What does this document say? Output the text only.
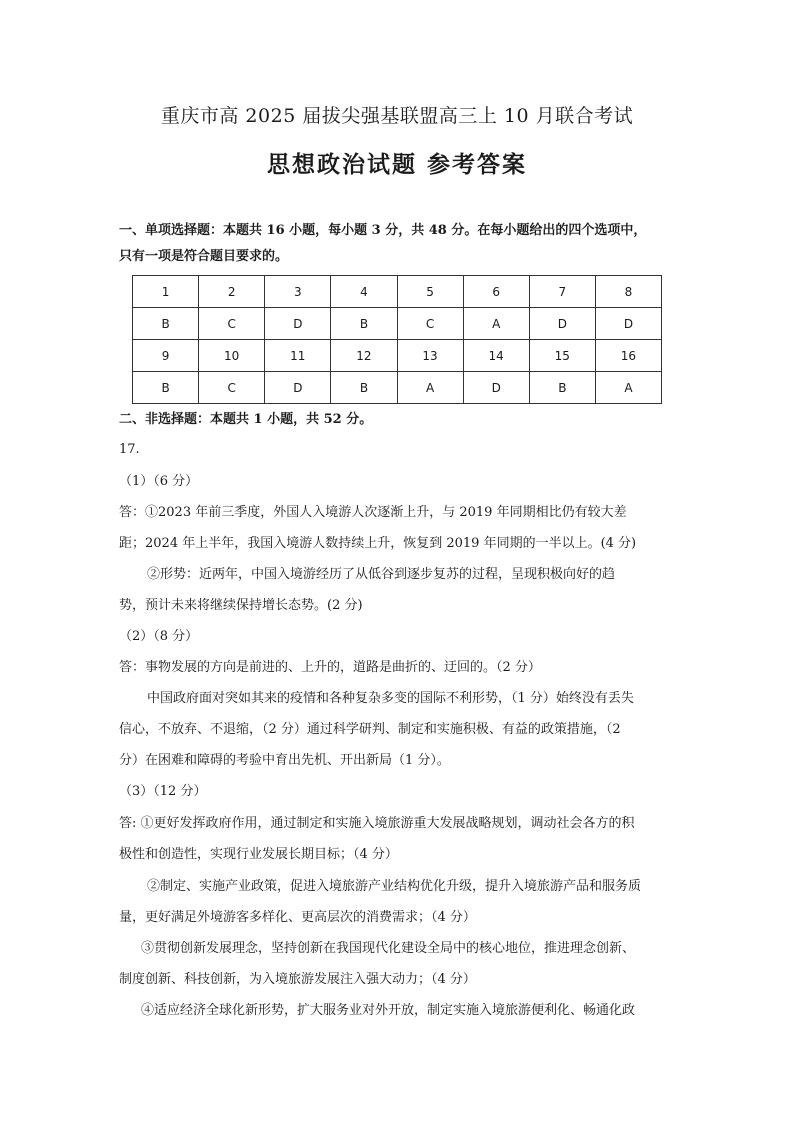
重庆市高 2025 届拔尖强基联盟高三上 10 月联合考试
思想政治试题 参考答案
一、单项选择题：本题共 16 小题，每小题 3 分，共 48 分。在每小题给出的四个选项中，
只有一项是符合题目要求的。
1	2	3	4	5	6	7	8
B	C	D	B	C	A	D	D
9	10	11	12	13	14	15	16
B	C	D	B	A	D	B	A
二、非选择题：本题共 1 小题，共 52 分。
17.
（1）（6 分）
答：①2023 年前三季度，外国人入境游人次逐渐上升，与 2019 年同期相比仍有较大差
距；2024 年上半年，我国入境游人数持续上升，恢复到 2019 年同期的一半以上。(4 分)
②形势：近两年，中国入境游经历了从低谷到逐步复苏的过程，呈现积极向好的趋
势，预计未来将继续保持增长态势。(2 分)
（2）（8 分）
答：事物发展的方向是前进的、上升的，道路是曲折的、迂回的。（2 分）
中国政府面对突如其来的疫情和各种复杂多变的国际不利形势，（1 分）始终没有丢失
信心，不放弃、不退缩，（2 分）通过科学研判、制定和实施积极、有益的政策措施，（2
分）在困难和障碍的考验中育出先机、开出新局（1 分）。
（3）（12 分）
答: ①更好发挥政府作用，通过制定和实施入境旅游重大发展战略规划，调动社会各方的积
极性和创造性，实现行业发展长期目标；（4 分）
②制定、实施产业政策，促进入境旅游产业结构优化升级，提升入境旅游产品和服务质
量，更好满足外境游客多样化、更高层次的消费需求；（4 分）
③贯彻创新发展理念，坚持创新在我国现代化建设全局中的核心地位，推进理念创新、
制度创新、科技创新，为入境旅游发展注入强大动力；（4 分）
④适应经济全球化新形势，扩大服务业对外开放，制定实施入境旅游便利化、畅通化政
